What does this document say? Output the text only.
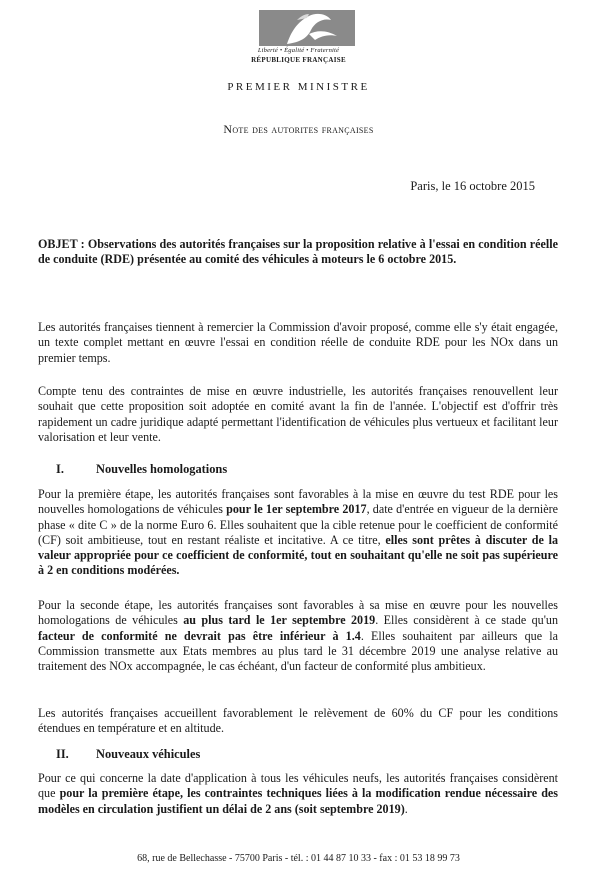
Liberté • Égalité • Fraternité
RÉPUBLIQUE FRANÇAISE
PREMIER MINISTRE
Note des autorites françaises
Paris, le 16 octobre 2015

OBJET : Observations des autorités françaises sur la proposition relative à l'essai en condition réelle de conduite (RDE) présentée au comité des véhicules à moteurs le 6 octobre 2015.

Les autorités françaises tiennent à remercier la Commission d'avoir proposé, comme elle s'y était engagée, un texte complet mettant en œuvre l'essai en condition réelle de conduite RDE pour les NOx dans un premier temps.

Compte tenu des contraintes de mise en œuvre industrielle, les autorités françaises renouvellent leur souhait que cette proposition soit adoptée en comité avant la fin de l'année. L'objectif est d'offrir très rapidement un cadre juridique adapté permettant l'identification de véhicules plus vertueux et facilitant leur valorisation et leur vente.

I.	Nouvelles homologations

Pour la première étape, les autorités françaises sont favorables à la mise en œuvre du test RDE pour les nouvelles homologations de véhicules pour le 1er septembre 2017, date d'entrée en vigueur de la dernière phase « dite C » de la norme Euro 6. Elles souhaitent que la cible retenue pour le coefficient de conformité (CF) soit ambitieuse, tout en restant réaliste et incitative. A ce titre, elles sont prêtes à discuter de la valeur appropriée pour ce coefficient de conformité, tout en souhaitant qu'elle ne soit pas supérieure à 2 en conditions modérées.

Pour la seconde étape, les autorités françaises sont favorables à sa mise en œuvre pour les nouvelles homologations de véhicules au plus tard le 1er septembre 2019. Elles considèrent à ce stade qu'un facteur de conformité ne devrait pas être inférieur à 1.4. Elles souhaitent par ailleurs que la Commission transmette aux Etats membres au plus tard le 31 décembre 2019 une analyse relative au traitement des NOx accompagnée, le cas échéant, d'un facteur de conformité plus ambitieux.

Les autorités françaises accueillent favorablement le relèvement de 60% du CF pour les conditions étendues en température et en altitude.

II. Nouveaux véhicules

Pour ce qui concerne la date d'application à tous les véhicules neufs, les autorités françaises considèrent que pour la première étape, les contraintes techniques liées à la modification rendue nécessaire des modèles en circulation justifient un délai de 2 ans (soit septembre 2019).

68, rue de Bellechasse - 75700 Paris - tél. : 01 44 87 10 33 - fax : 01 53 18 99 73
